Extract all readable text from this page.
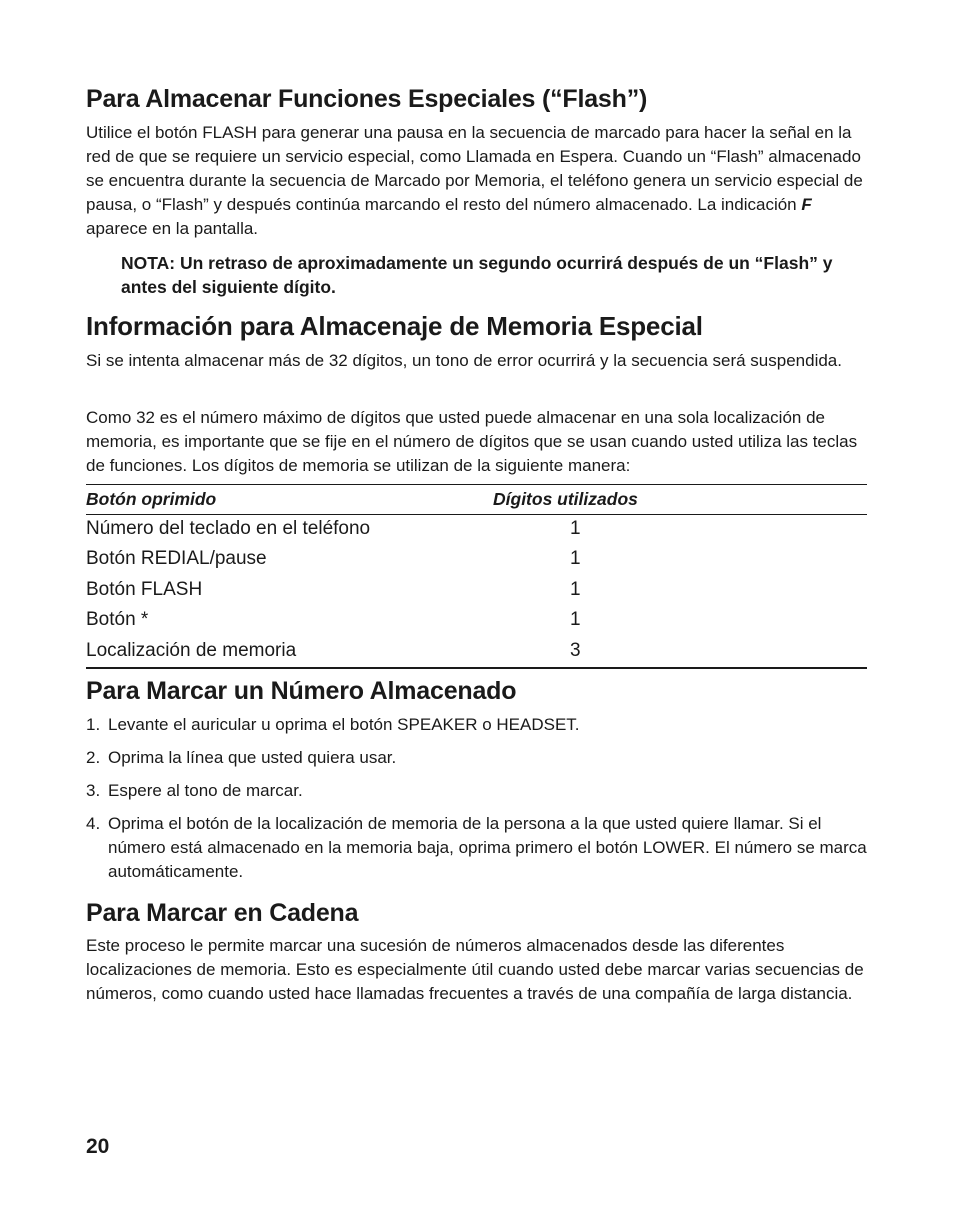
Para Almacenar Funciones Especiales (“Flash”)

Utilice el botón FLASH para generar una pausa en la secuencia de marcado para hacer la señal en la red de que se requiere un servicio especial, como Llamada en Espera. Cuando un “Flash” almacenado se encuentra durante la secuencia de Marcado por Memoria, el teléfono genera un servicio especial de pausa, o “Flash” y después continúa marcando el resto del número almacenado. La indicación F aparece en la pantalla.

NOTA: Un retraso de aproximadamente un segundo ocurrirá después de un “Flash” y antes del siguiente dígito.

Información para Almacenaje de Memoria Especial

Si se intenta almacenar más de 32 dígitos, un tono de error ocurrirá y la secuencia será suspendida.

Como 32 es el número máximo de dígitos que usted puede almacenar en una sola localización de memoria, es importante que se fije en el número de dígitos que se usan cuando usted utiliza las teclas de funciones. Los dígitos de memoria se utilizan de la siguiente manera:

Botón oprimido	Dígitos utilizados
Número del teclado en el teléfono	1
Botón REDIAL/pause	1
Botón FLASH	1
Botón *	1
Localización de memoria	3
Para Marcar un Número Almacenado
1. Levante el auricular u oprima el botón SPEAKER o HEADSET.
2. Oprima la línea que usted quiera usar.
3. Espere al tono de marcar.
4. Oprima el botón de la localización de memoria de la persona a la que usted quiere llamar. Si el número está almacenado en la memoria baja, oprima primero el botón LOWER. El número se marca automáticamente.
Para Marcar en Cadena

Este proceso le permite marcar una sucesión de números almacenados desde las diferentes localizaciones de memoria. Esto es especialmente útil cuando usted debe marcar varias secuencias de números, como cuando usted hace llamadas frecuentes a través de una compañía de larga distancia.

20
